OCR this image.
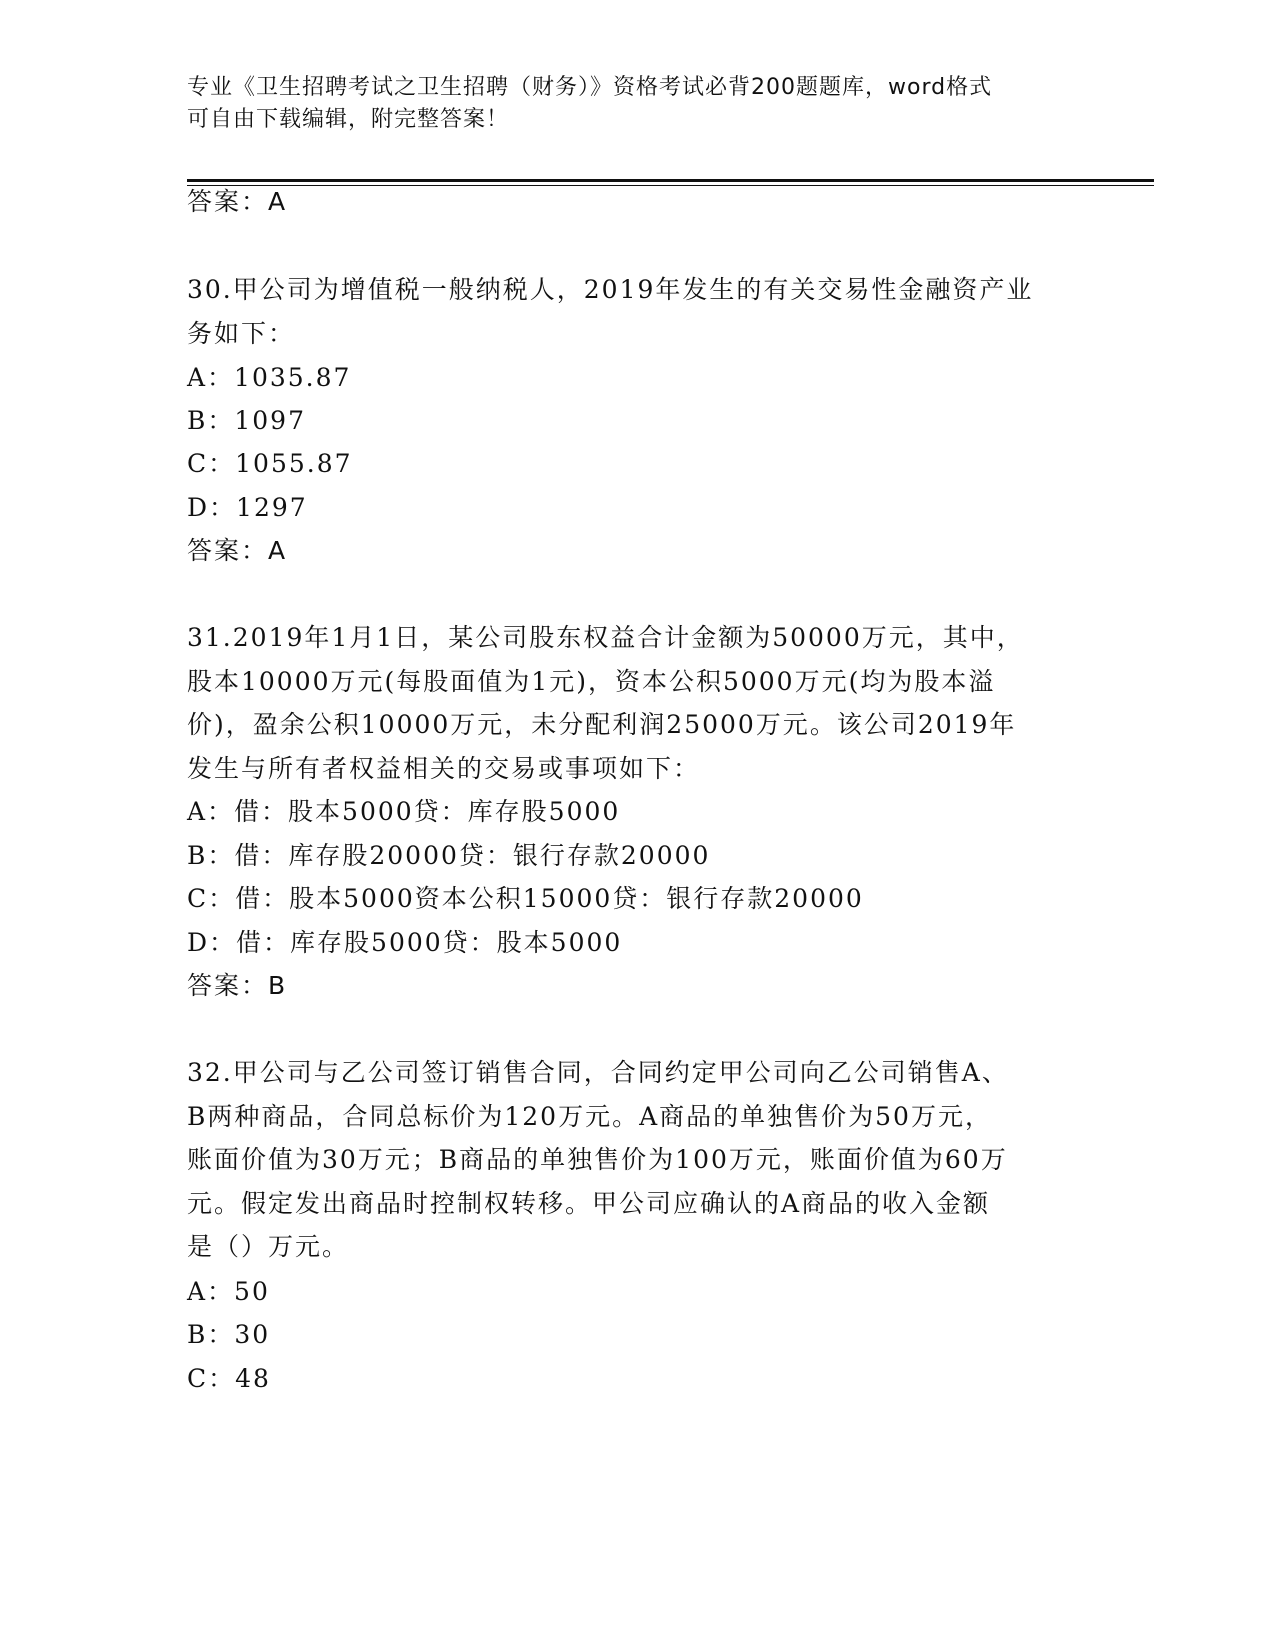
专业《卫生招聘考试之卫生招聘（财务）》资格考试必背200题题库，word格式
可自由下载编辑，附完整答案！
答案：A
30.甲公司为增值税一般纳税人，2019年发生的有关交易性金融资产业
务如下：
A：1035.87
B：1097
C：1055.87
D：1297
答案：A
31.2019年1月1日，某公司股东权益合计金额为50000万元，其中，
股本10000万元(每股面值为1元)，资本公积5000万元(均为股本溢
价)，盈余公积10000万元，未分配利润25000万元。该公司2019年
发生与所有者权益相关的交易或事项如下：
A：借：股本5000贷：库存股5000
B：借：库存股20000贷：银行存款20000
C：借：股本5000资本公积15000贷：银行存款20000
D：借：库存股5000贷：股本5000
答案：B
32.甲公司与乙公司签订销售合同，合同约定甲公司向乙公司销售A、
B两种商品，合同总标价为120万元。A商品的单独售价为50万元，
账面价值为30万元；B商品的单独售价为100万元，账面价值为60万
元。假定发出商品时控制权转移。甲公司应确认的A商品的收入金额
是（）万元。
A：50
B：30
C：48
